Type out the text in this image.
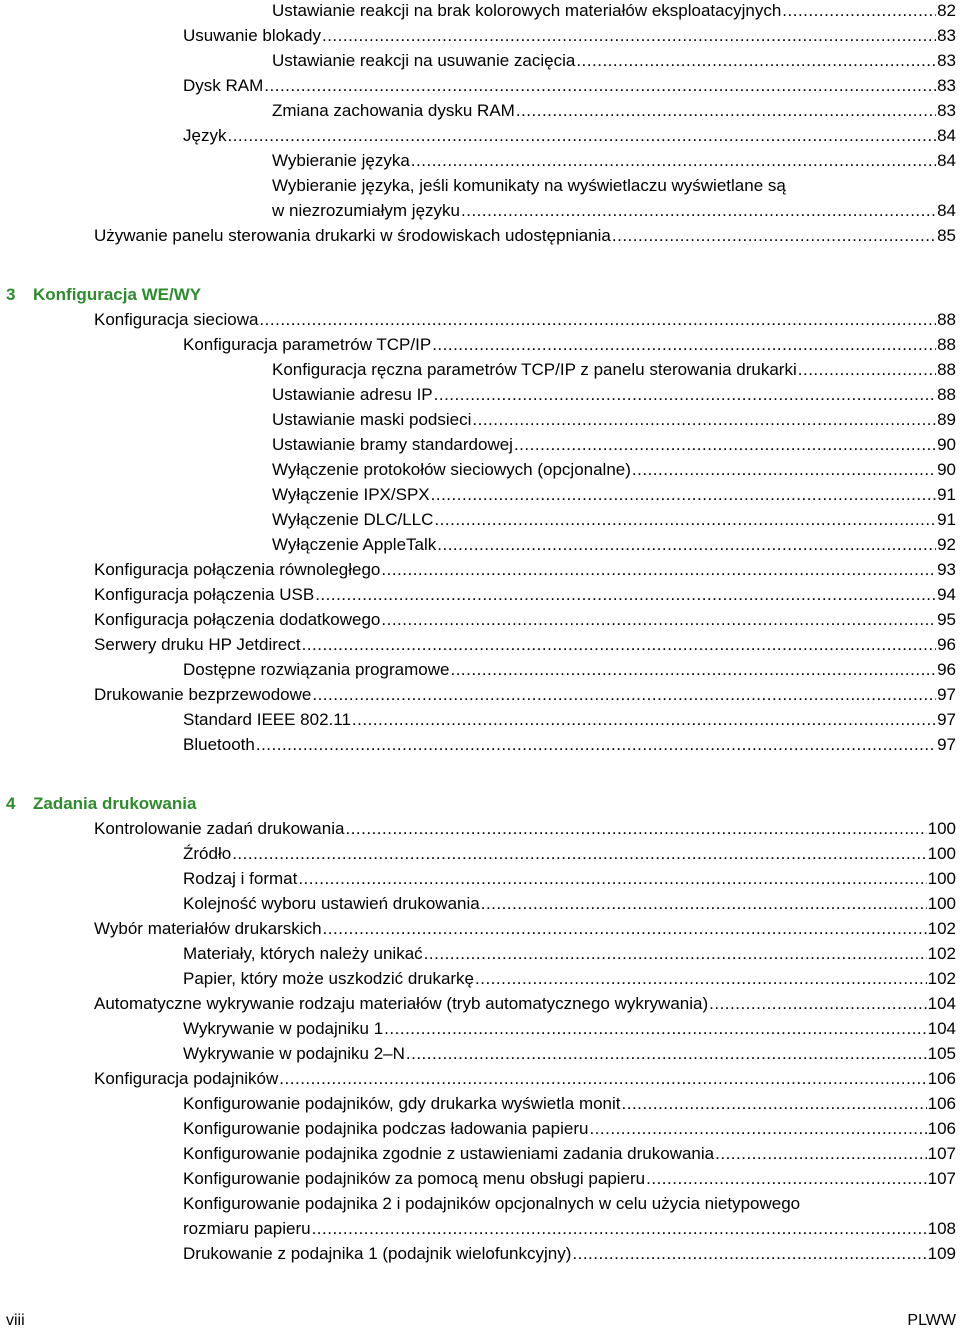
Ustawianie reakcji na brak kolorowych materiałów eksploatacyjnych .....	82
Usuwanie blokady .....	83
Ustawianie reakcji na usuwanie zacięcia .....	83
Dysk RAM .....	83
Zmiana zachowania dysku RAM .....	83
Język .....	84
Wybieranie języka .....	84
Wybieranie języka, jeśli komunikaty na wyświetlaczu wyświetlane są
w niezrozumiałym języku .....	84
Używanie panelu sterowania drukarki w środowiskach udostępniania .....	85
3 Konfiguracja WE/WY
Konfiguracja sieciowa .....	88
Konfiguracja parametrów TCP/IP .....	88
Konfiguracja ręczna parametrów TCP/IP z panelu sterowania drukarki .....	88
Ustawianie adresu IP .....	88
Ustawianie maski podsieci .....	89
Ustawianie bramy standardowej .....	90
Wyłączenie protokołów sieciowych (opcjonalne) .....	90
Wyłączenie IPX/SPX .....	91
Wyłączenie DLC/LLC .....	91
Wyłączenie AppleTalk .....	92
Konfiguracja połączenia równoległego .....	93
Konfiguracja połączenia USB .....	94
Konfiguracja połączenia dodatkowego .....	95
Serwery druku HP Jetdirect .....	96
Dostępne rozwiązania programowe .....	96
Drukowanie bezprzewodowe .....	97
Standard IEEE 802.11 .....	97
Bluetooth .....	97
4 Zadania drukowania
Kontrolowanie zadań drukowania .....	100
Źródło .....	100
Rodzaj i format .....	100
Kolejność wyboru ustawień drukowania .....	100
Wybór materiałów drukarskich .....	102
Materiały, których należy unikać .....	102
Papier, który może uszkodzić drukarkę .....	102
Automatyczne wykrywanie rodzaju materiałów (tryb automatycznego wykrywania) .....	104
Wykrywanie w podajniku 1 .....	104
Wykrywanie w podajniku 2–N .....	105
Konfiguracja podajników .....	106
Konfigurowanie podajników, gdy drukarka wyświetla monit .....	106
Konfigurowanie podajnika podczas ładowania papieru .....	106
Konfigurowanie podajnika zgodnie z ustawieniami zadania drukowania .....	107
Konfigurowanie podajników za pomocą menu obsługi papieru .....	107
Konfigurowanie podajnika 2 i podajników opcjonalnych w celu użycia nietypowego
rozmiaru papieru .....	108
Drukowanie z podajnika 1 (podajnik wielofunkcyjny) .....	109
viii	PLWW
